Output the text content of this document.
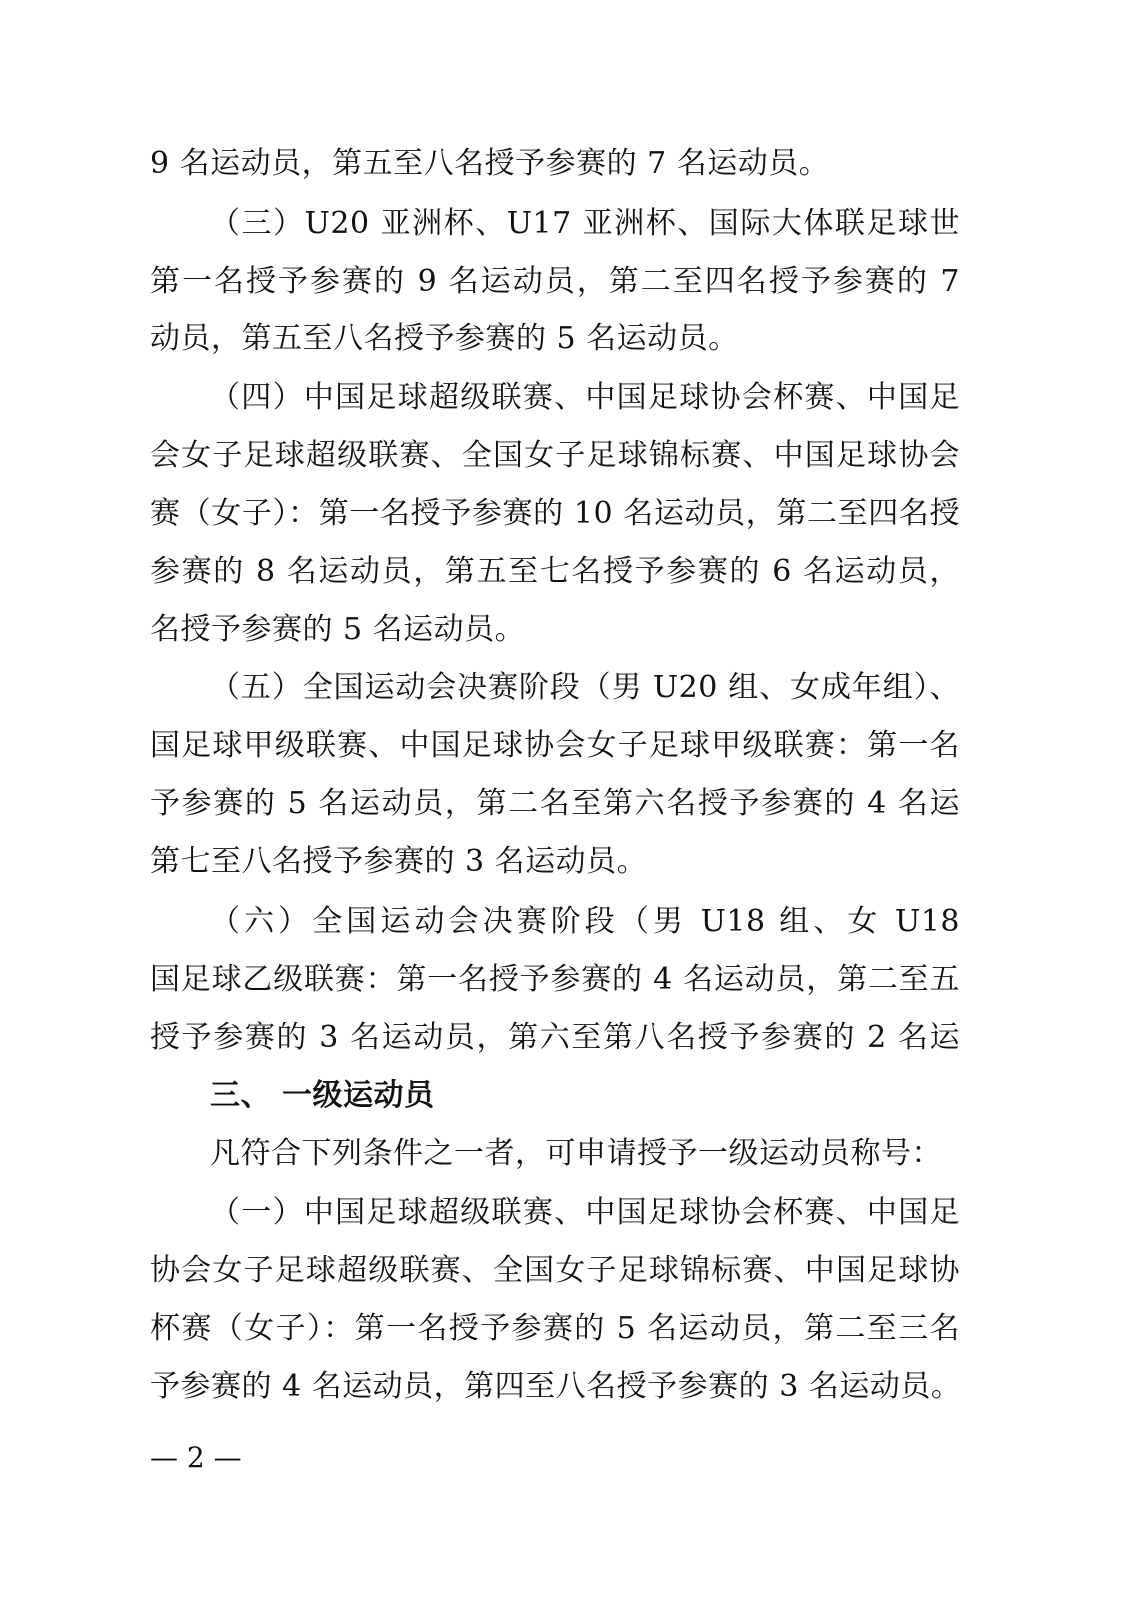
9 名运动员，第五至八名授予参赛的 7 名运动员。
（三）U20 亚洲杯、U17 亚洲杯、国际大体联足球世
第一名授予参赛的 9 名运动员，第二至四名授予参赛的 7
动员，第五至八名授予参赛的 5 名运动员。
（四）中国足球超级联赛、中国足球协会杯赛、中国足
会女子足球超级联赛、全国女子足球锦标赛、中国足球协会
赛（女子）：第一名授予参赛的 10 名运动员，第二至四名授
参赛的 8 名运动员，第五至七名授予参赛的 6 名运动员，
名授予参赛的 5 名运动员。
（五）全国运动会决赛阶段（男 U20 组、女成年组）、
国足球甲级联赛、中国足球协会女子足球甲级联赛：第一名
予参赛的 5 名运动员，第二名至第六名授予参赛的 4 名运
第七至八名授予参赛的 3 名运动员。
（六）全国运动会决赛阶段（男 U18 组、女 U18
国足球乙级联赛：第一名授予参赛的 4 名运动员，第二至五
授予参赛的 3 名运动员，第六至第八名授予参赛的 2 名运
三、 一级运动员
凡符合下列条件之一者，可申请授予一级运动员称号：
（一）中国足球超级联赛、中国足球协会杯赛、中国足
协会女子足球超级联赛、全国女子足球锦标赛、中国足球协
杯赛（女子）：第一名授予参赛的 5 名运动员，第二至三名
予参赛的 4 名运动员，第四至八名授予参赛的 3 名运动员。
— 2 —
